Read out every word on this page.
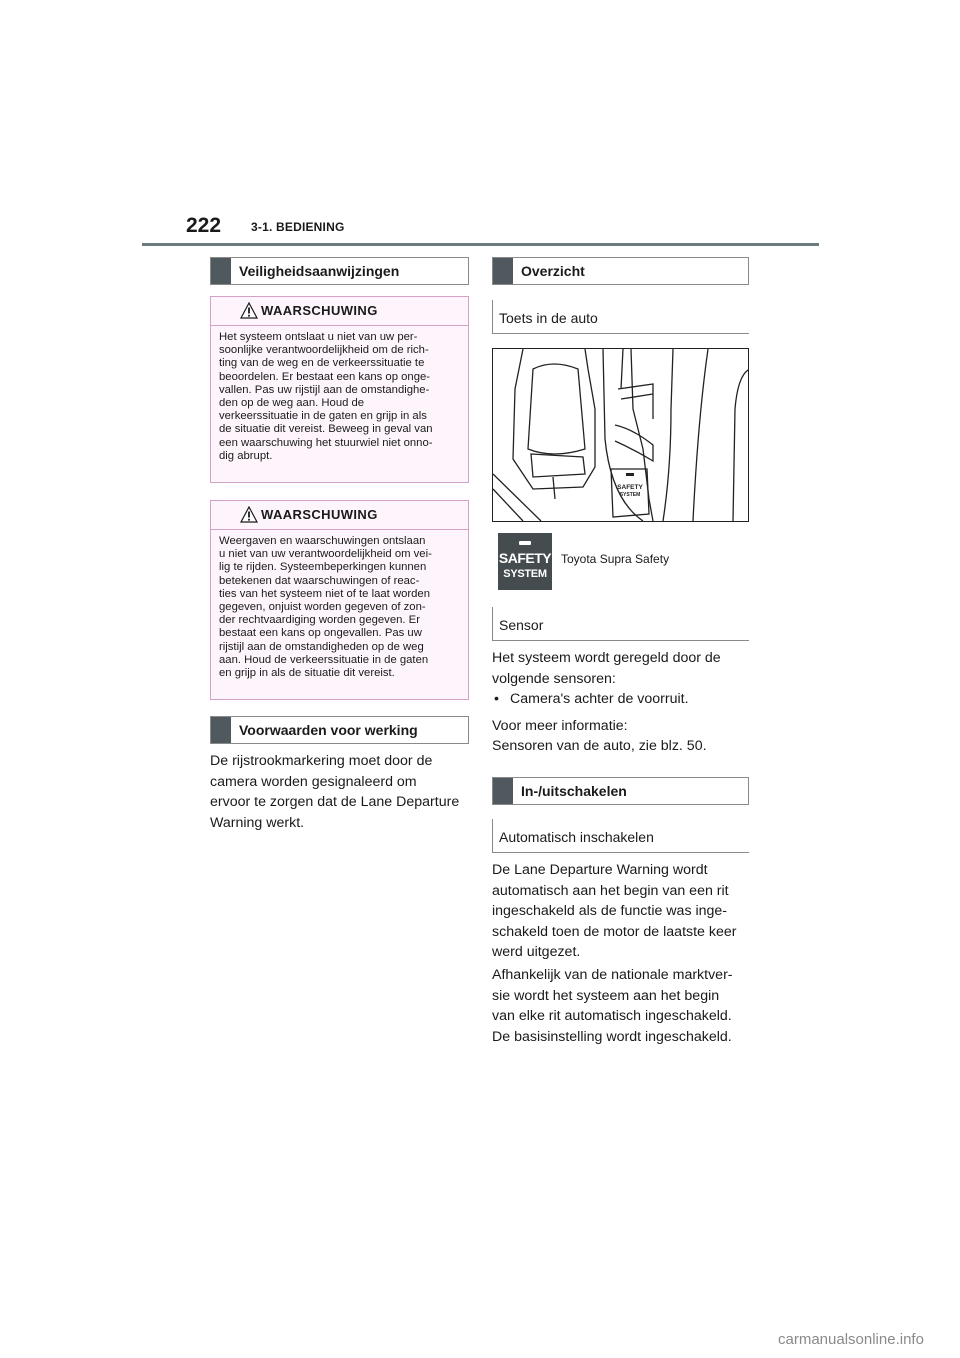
222 3-1. BEDIENING
Veiligheidsaanwijzingen
WAARSCHUWING
Het systeem ontslaat u niet van uw per-
soonlijke verantwoordelijkheid om de rich-
ting van de weg en de verkeerssituatie te
beoordelen. Er bestaat een kans op onge-
vallen. Pas uw rijstijl aan de omstandighe-
den op de weg aan. Houd de
verkeerssituatie in de gaten en grijp in als
de situatie dit vereist. Beweeg in geval van
een waarschuwing het stuurwiel niet onno-
dig abrupt.
WAARSCHUWING
Weergaven en waarschuwingen ontslaan
u niet van uw verantwoordelijkheid om vei-
lig te rijden. Systeembeperkingen kunnen
betekenen dat waarschuwingen of reac-
ties van het systeem niet of te laat worden
gegeven, onjuist worden gegeven of zon-
der rechtvaardiging worden gegeven. Er
bestaat een kans op ongevallen. Pas uw
rijstijl aan de omstandigheden op de weg
aan. Houd de verkeerssituatie in de gaten
en grijp in als de situatie dit vereist.
Voorwaarden voor werking
De rijstrookmarkering moet door de
camera worden gesignaleerd om
ervoor te zorgen dat de Lane Departure
Warning werkt.
Overzicht
Toets in de auto
SAFETY
SYSTEM
SAFETY
SYSTEM
Toyota Supra Safety
Sensor
Het systeem wordt geregeld door de
volgende sensoren:
• Camera's achter de voorruit.
Voor meer informatie:
Sensoren van de auto, zie blz. 50.
In-/uitschakelen
Automatisch inschakelen
De Lane Departure Warning wordt
automatisch aan het begin van een rit
ingeschakeld als de functie was inge-
schakeld toen de motor de laatste keer
werd uitgezet.
Afhankelijk van de nationale marktver-
sie wordt het systeem aan het begin
van elke rit automatisch ingeschakeld.
De basisinstelling wordt ingeschakeld.
carmanualsonline.info
